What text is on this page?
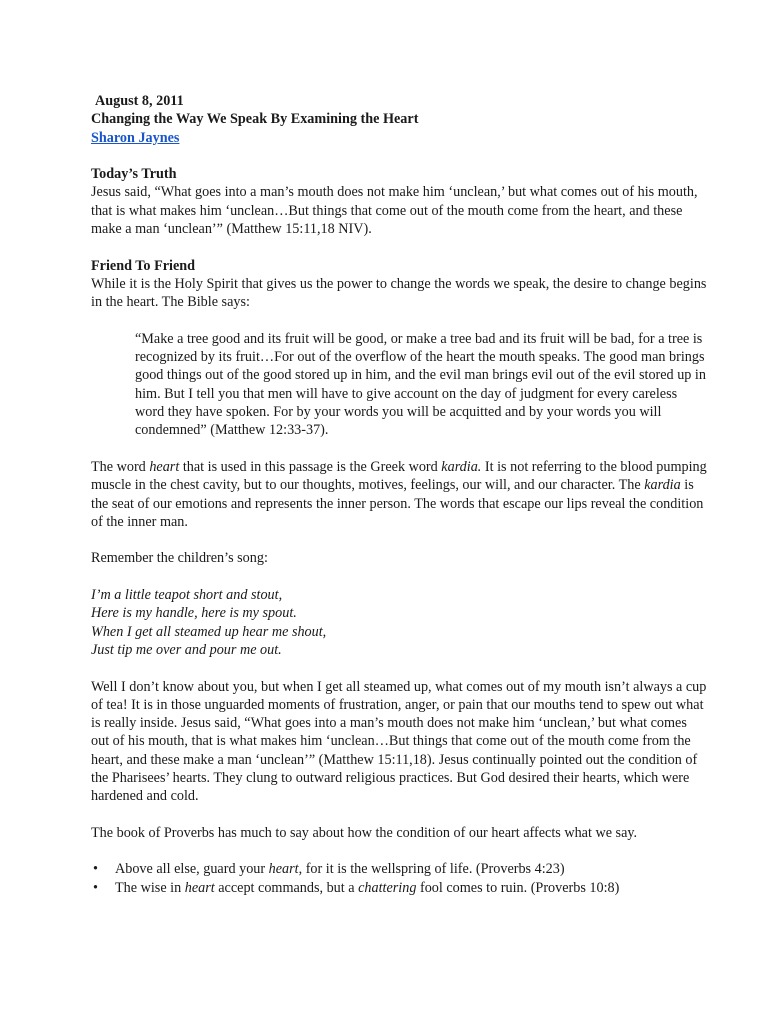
August 8, 2011

Changing the Way We Speak By Examining the Heart

Sharon Jaynes

Today’s Truth

Jesus said, “What goes into a man’s mouth does not make him ‘unclean,’ but what comes out of his mouth, that is what makes him ‘unclean…But things that come out of the mouth come from the heart, and these make a man ‘unclean’” (Matthew 15:11,18 NIV).

Friend To Friend

While it is the Holy Spirit that gives us the power to change the words we speak, the desire to change begins in the heart. The Bible says:

“Make a tree good and its fruit will be good, or make a tree bad and its fruit will be bad, for a tree is recognized by its fruit…For out of the overflow of the heart the mouth speaks. The good man brings good things out of the good stored up in him, and the evil man brings evil out of the evil stored up in him. But I tell you that men will have to give account on the day of judgment for every careless word they have spoken. For by your words you will be acquitted and by your words you will condemned” (Matthew 12:33-37).

The word heart that is used in this passage is the Greek word kardia. It is not referring to the blood pumping muscle in the chest cavity, but to our thoughts, motives, feelings, our will, and our character. The kardia is the seat of our emotions and represents the inner person. The words that escape our lips reveal the condition of the inner man.

Remember the children’s song:

I’m a little teapot short and stout,

Here is my handle, here is my spout.

When I get all steamed up hear me shout,

Just tip me over and pour me out.

Well I don’t know about you, but when I get all steamed up, what comes out of my mouth isn’t always a cup of tea! It is in those unguarded moments of frustration, anger, or pain that our mouths tend to spew out what is really inside. Jesus said, “What goes into a man’s mouth does not make him ‘unclean,’ but what comes out of his mouth, that is what makes him ‘unclean…But things that come out of the mouth come from the heart, and these make a man ‘unclean’” (Matthew 15:11,18). Jesus continually pointed out the condition of the Pharisees’ hearts. They clung to outward religious practices. But God desired their hearts, which were hardened and cold.

The book of Proverbs has much to say about how the condition of our heart affects what we say.

• Above all else, guard your heart, for it is the wellspring of life. (Proverbs 4:23)
• The wise in heart accept commands, but a chattering fool comes to ruin. (Proverbs 10:8)
